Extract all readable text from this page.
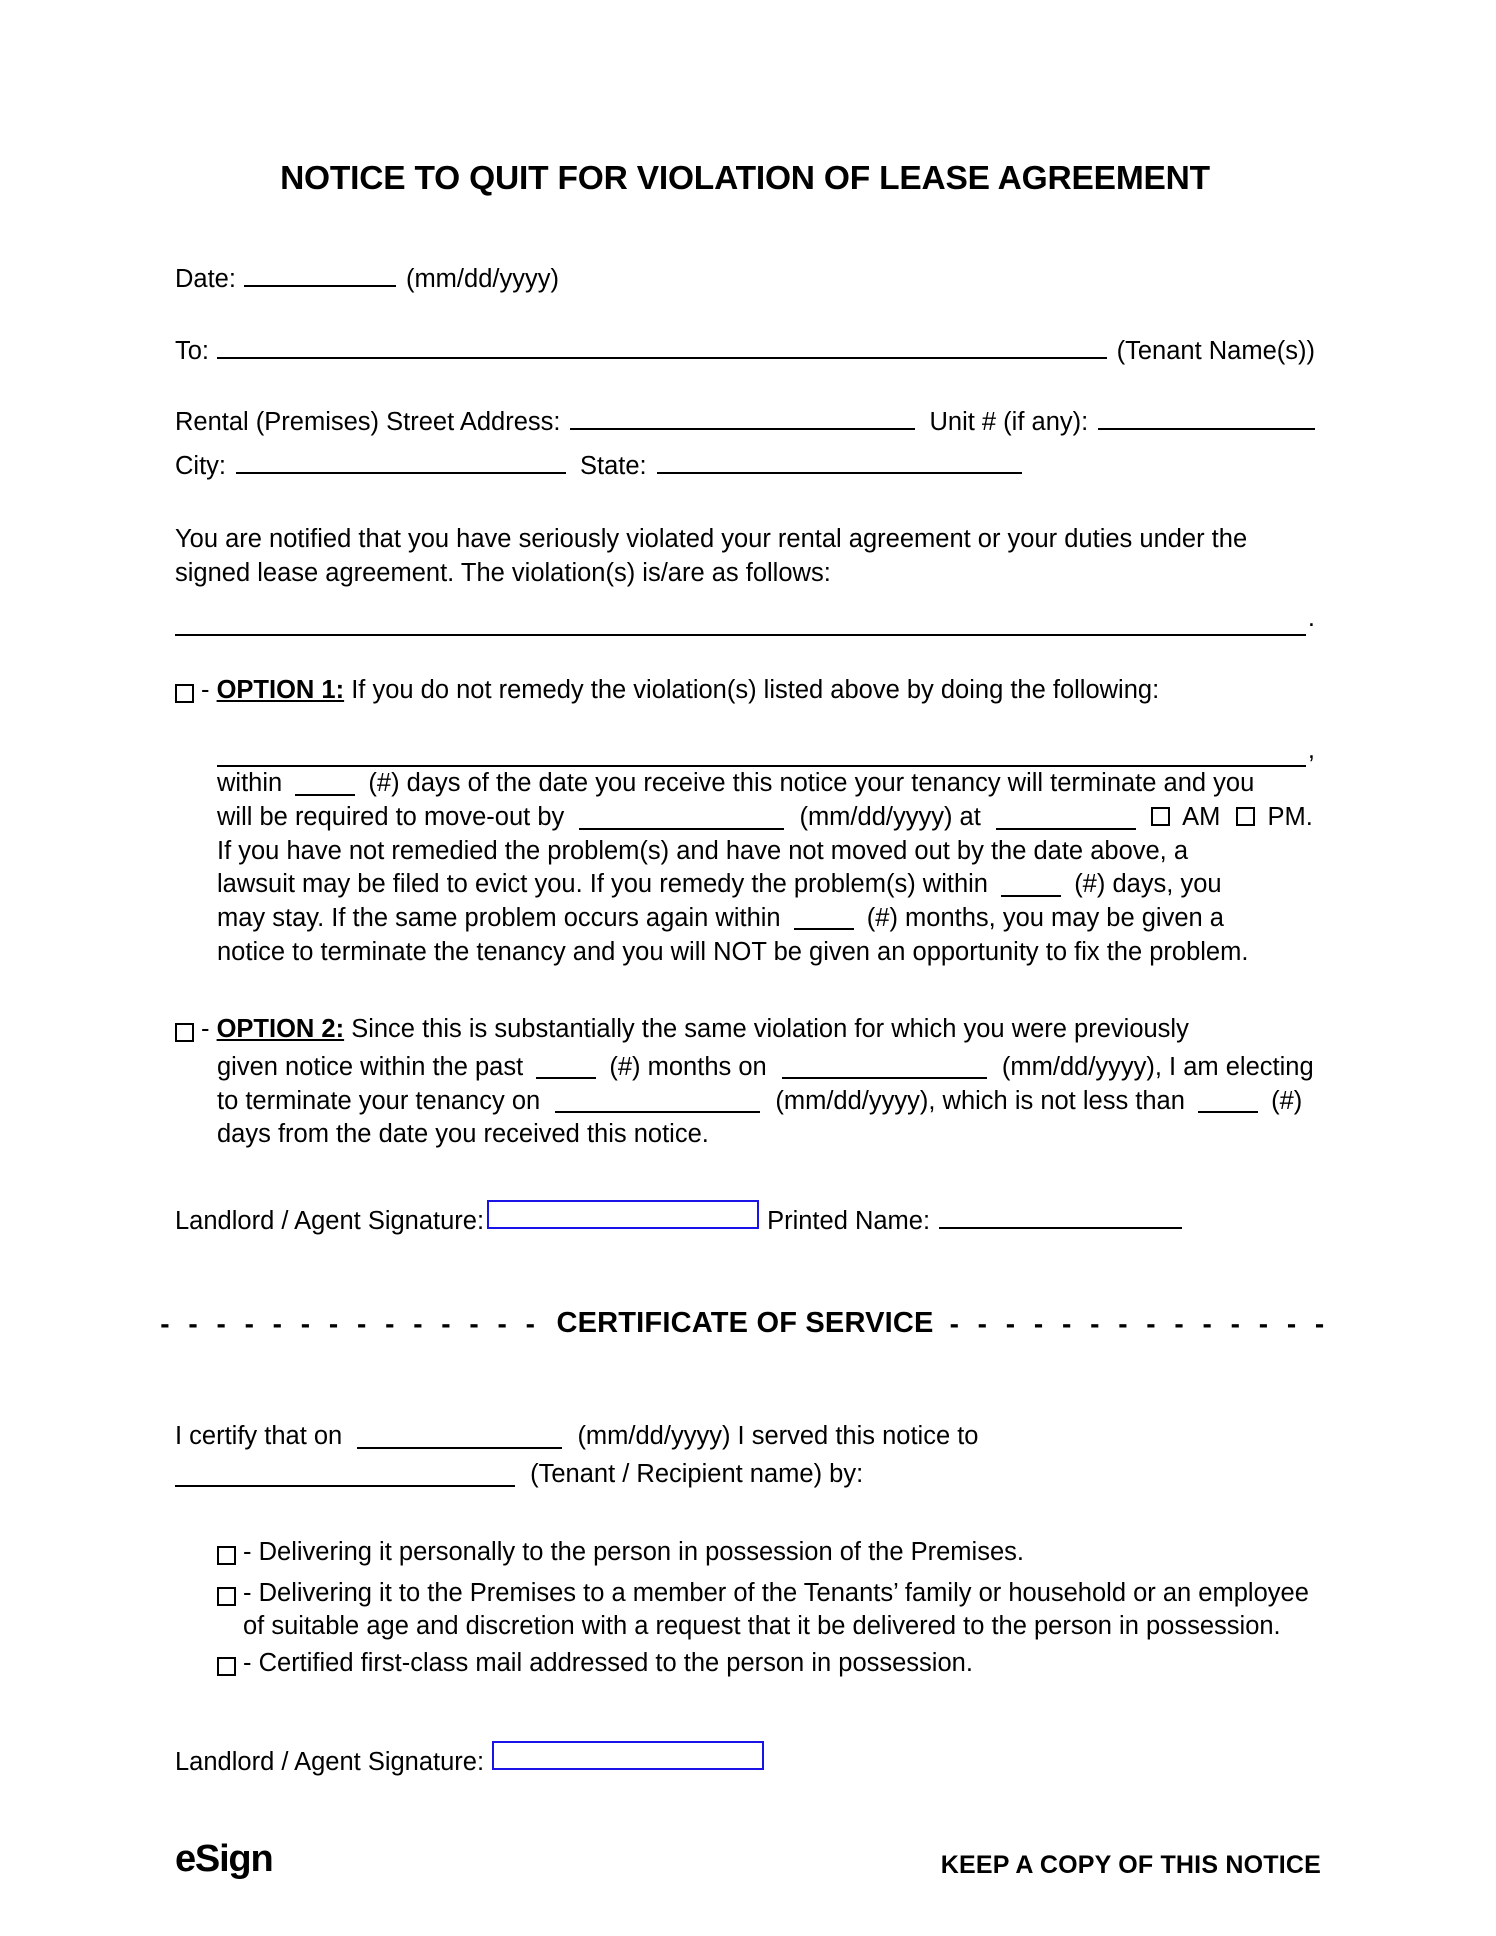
NOTICE TO QUIT FOR VIOLATION OF LEASE AGREEMENT
Date:	(mm/dd/yyyy)
To:	(Tenant Name(s))
Rental (Premises) Street Address:	Unit # (if any):
City:	State:
You are notified that you have seriously violated your rental agreement or your duties under the
signed lease agreement. The violation(s) is/are as follows:
.
- OPTION 1: If you do not remedy the violation(s) listed above by doing the following:
,
within	(#) days of the date you receive this notice your tenancy will terminate and you
will be required to move-out by	(mm/dd/yyyy) at	AM PM.
If you have not remedied the problem(s) and have not moved out by the date above, a
lawsuit may be filed to evict you. If you remedy the problem(s) within	(#) days, you
may stay. If the same problem occurs again within	(#) months, you may be given a
notice to terminate the tenancy and you will NOT be given an opportunity to fix the problem.
- OPTION 2: Since this is substantially the same violation for which you were previously
given notice within the past	(#) months on	(mm/dd/yyyy), I am electing
to terminate your tenancy on	(mm/dd/yyyy), which is not less than	(#)
days from the date you received this notice.
Landlord / Agent Signature:	Printed Name:
- - - - - - - - - - - - - - CERTIFICATE OF SERVICE - - - - - - - - - - - - - -
I certify that on	(mm/dd/yyyy) I served this notice to
(Tenant / Recipient name) by:
- Delivering it personally to the person in possession of the Premises.
- Delivering it to the Premises to a member of the Tenants’ family or household or an employee of suitable age and discretion with a request that it be delivered to the person in possession.
- Certified first-class mail addressed to the person in possession.
Landlord / Agent Signature:
eSign	KEEP A COPY OF THIS NOTICE
